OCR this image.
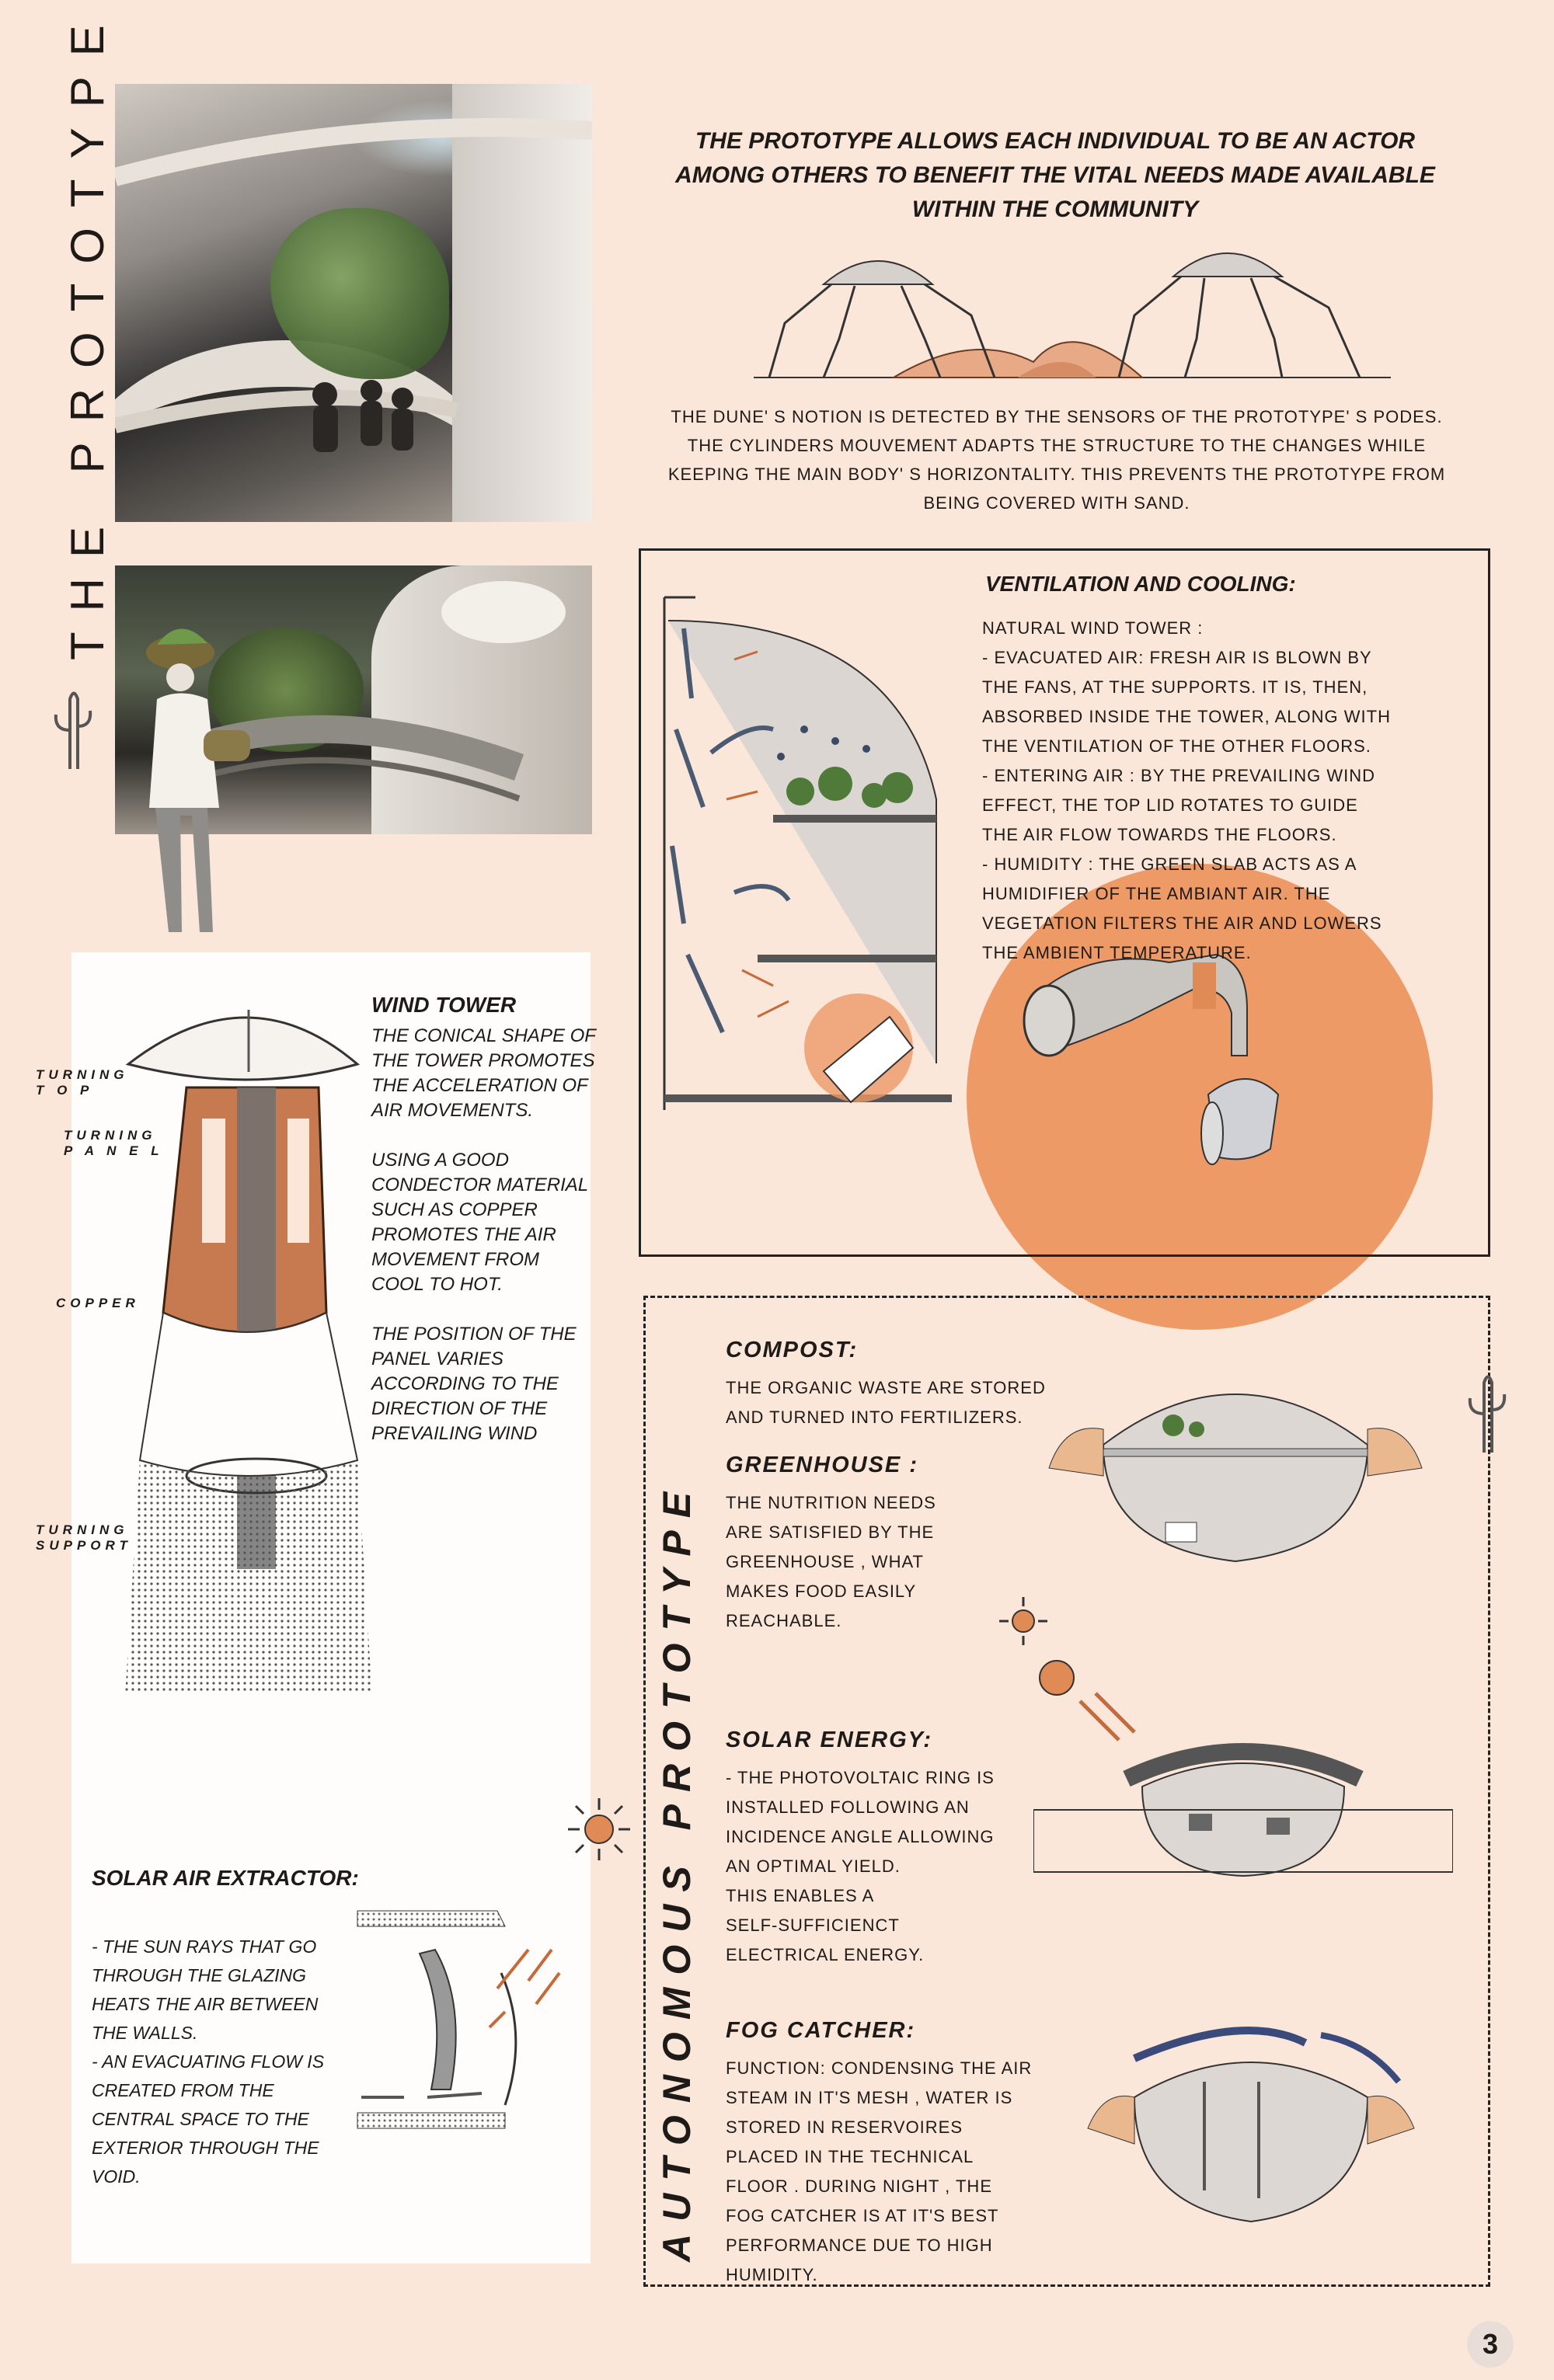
THE PROTOTYPE
AUTONOMOUS PROTOTYPE
THE PROTOTYPE ALLOWS EACH INDIVIDUAL TO BE AN ACTOR AMONG OTHERS TO BENEFIT THE VITAL NEEDS MADE AVAILABLE WITHIN THE COMMUNITY
THE DUNE' S NOTION IS DETECTED BY THE SENSORS OF THE PROTOTYPE' S PODES. THE CYLINDERS MOUVEMENT ADAPTS THE STRUCTURE TO THE CHANGES WHILE KEEPING THE MAIN BODY' S HORIZONTALITY. THIS PREVENTS THE PROTOTYPE FROM BEING COVERED WITH SAND.
VENTILATION AND COOLING:
NATURAL WIND TOWER :
- EVACUATED AIR: FRESH AIR IS BLOWN BY
THE FANS, AT THE SUPPORTS. IT IS, THEN,
ABSORBED INSIDE THE TOWER, ALONG WITH
THE VENTILATION OF THE OTHER FLOORS.
- ENTERING AIR : BY THE PREVAILING WIND
EFFECT, THE TOP LID ROTATES TO GUIDE
THE AIR FLOW TOWARDS THE FLOORS.
- HUMIDITY : THE GREEN SLAB ACTS AS A
HUMIDIFIER OF THE AMBIANT AIR. THE
VEGETATION FILTERS THE AIR AND LOWERS
THE AMBIENT TEMPERATURE.
TURNING
T O P
TURNING
P A N E L
COPPER
TURNING
SUPPORT
WIND TOWER
THE CONICAL SHAPE OF THE TOWER PROMOTES THE ACCELERATION OF AIR MOVEMENTS.

USING A GOOD CONDECTOR MATERIAL SUCH AS COPPER PROMOTES THE AIR MOVEMENT FROM COOL TO HOT.

THE POSITION OF THE PANEL VARIES ACCORDING TO THE DIRECTION OF THE PREVAILING WIND
SOLAR AIR EXTRACTOR:
- THE SUN RAYS THAT GO
THROUGH THE GLAZING
HEATS THE AIR BETWEEN
THE WALLS.
- AN EVACUATING FLOW IS
CREATED FROM THE
CENTRAL SPACE TO THE
EXTERIOR THROUGH THE
VOID.
COMPOST:
THE ORGANIC WASTE ARE STORED
AND TURNED INTO FERTILIZERS.
GREENHOUSE :
THE NUTRITION NEEDS
ARE SATISFIED BY THE
GREENHOUSE , WHAT
MAKES FOOD EASILY
REACHABLE.
SOLAR ENERGY:
- THE PHOTOVOLTAIC RING IS
INSTALLED FOLLOWING AN
INCIDENCE ANGLE ALLOWING
AN OPTIMAL YIELD.
THIS ENABLES A
SELF-SUFFICIENCT
ELECTRICAL ENERGY.
FOG CATCHER:
FUNCTION: CONDENSING THE AIR
STEAM IN IT'S MESH , WATER IS
STORED IN RESERVOIRES
PLACED IN THE TECHNICAL
FLOOR . DURING NIGHT , THE
FOG CATCHER IS AT IT'S BEST
PERFORMANCE DUE TO HIGH
HUMIDITY.
3
